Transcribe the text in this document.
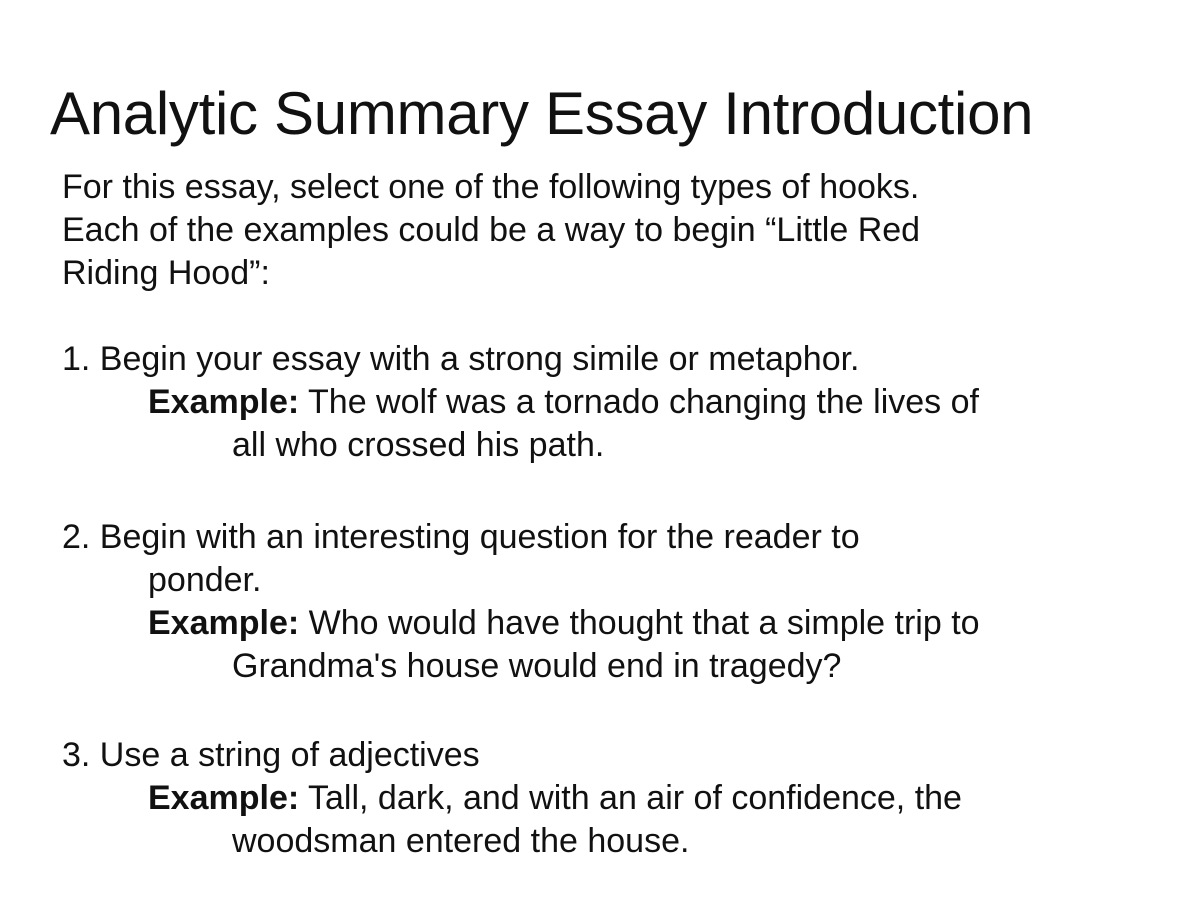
Analytic Summary Essay Introduction
For this essay, select one of the following types of hooks.
Each of the examples could be a way to begin “Little Red
Riding Hood”:
1. Begin your essay with a strong simile or metaphor.
Example: The wolf was a tornado changing the lives of
all who crossed his path.
2. Begin with an interesting question for the reader to
ponder.
Example: Who would have thought that a simple trip to
Grandma's house would end in tragedy?
3. Use a string of adjectives
Example: Tall, dark, and with an air of confidence, the
woodsman entered the house.
